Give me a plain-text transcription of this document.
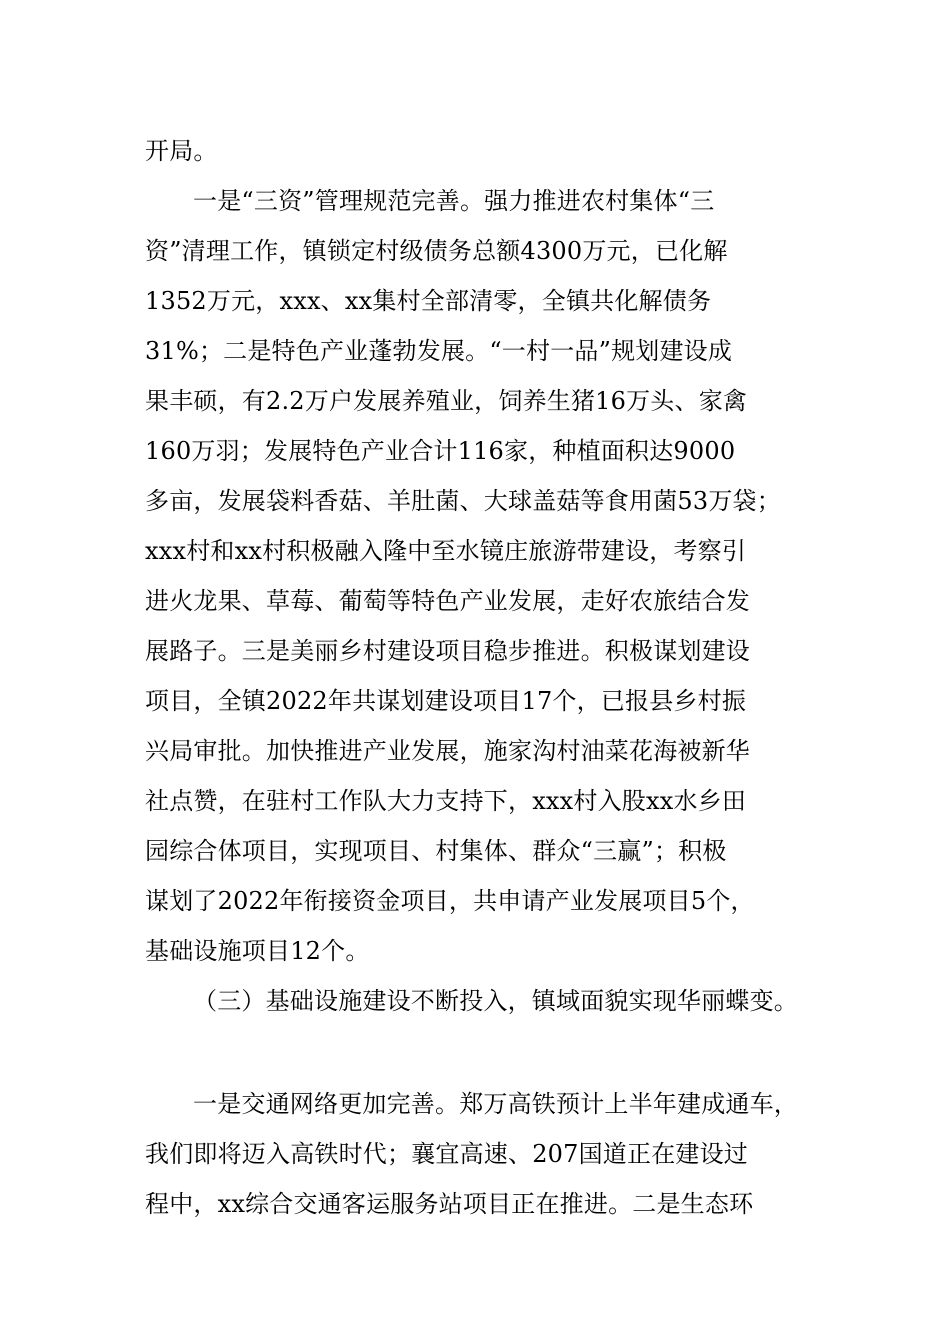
开局。
一是“三资”管理规范完善。强力推进农村集体“三
资”清理工作，镇锁定村级债务总额4300万元，已化解
1352万元，xxx、xx集村全部清零，全镇共化解债务
31%；二是特色产业蓬勃发展。“一村一品”规划建设成
果丰硕，有2.2万户发展养殖业，饲养生猪16万头、家禽
160万羽；发展特色产业合计116家，种植面积达9000
多亩，发展袋料香菇、羊肚菌、大球盖菇等食用菌53万袋；
xxx村和xx村积极融入隆中至水镜庄旅游带建设，考察引
进火龙果、草莓、葡萄等特色产业发展，走好农旅结合发
展路子。三是美丽乡村建设项目稳步推进。积极谋划建设
项目，全镇2022年共谋划建设项目17个，已报县乡村振
兴局审批。加快推进产业发展，施家沟村油菜花海被新华
社点赞，在驻村工作队大力支持下，xxx村入股xx水乡田
园综合体项目，实现项目、村集体、群众“三赢”；积极
谋划了2022年衔接资金项目，共申请产业发展项目5个，
基础设施项目12个。
（三）基础设施建设不断投入，镇域面貌实现华丽蝶变。
一是交通网络更加完善。郑万高铁预计上半年建成通车，
我们即将迈入高铁时代；襄宜高速、207国道正在建设过
程中，xx综合交通客运服务站项目正在推进。二是生态环
